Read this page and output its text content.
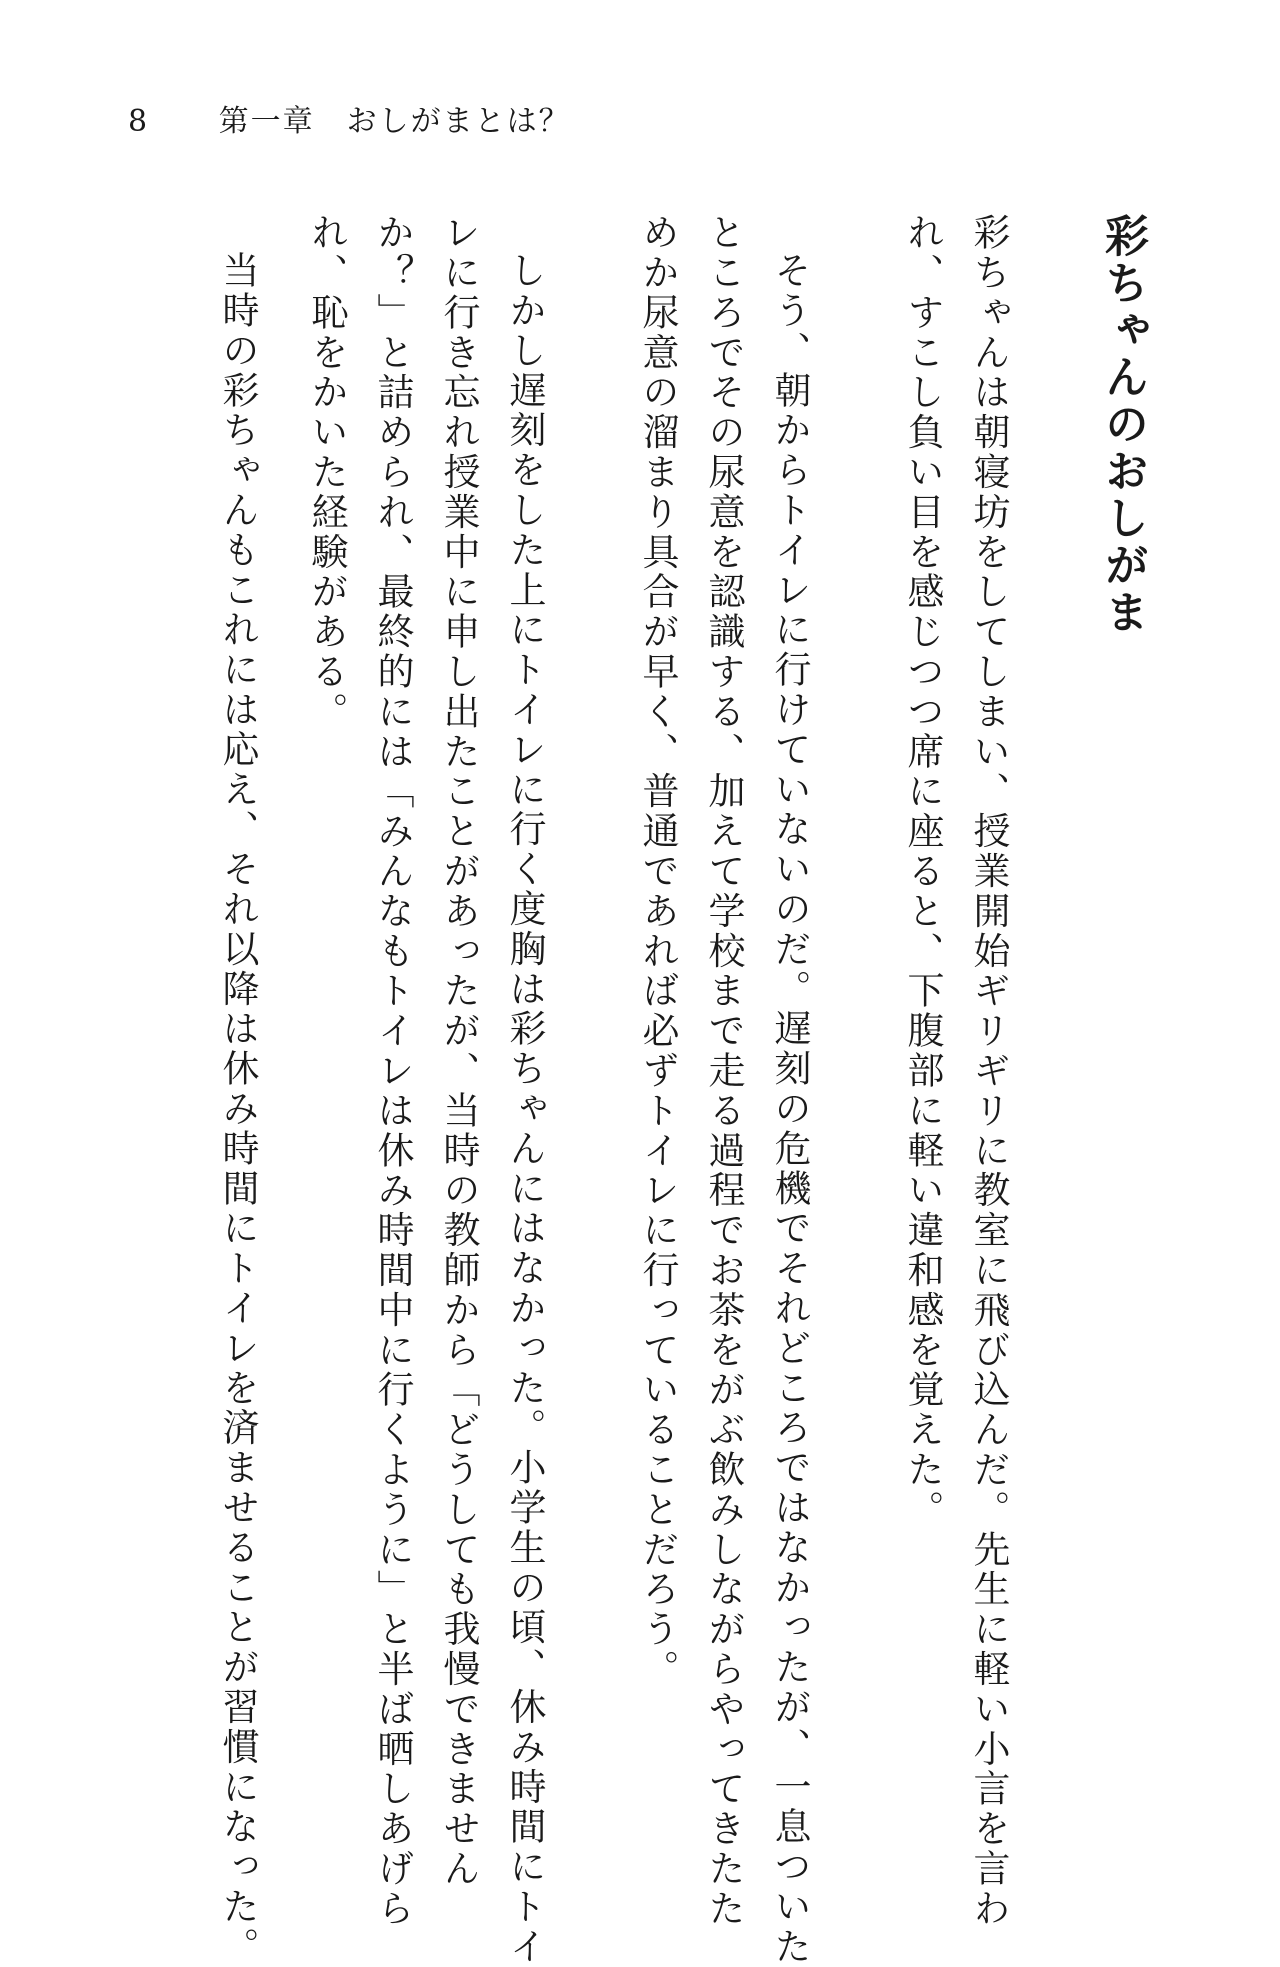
8 第一章　おしがまとは？
彩ちゃんのおしがま

彩ちゃんは朝寝坊をしてしまい、授業開始ギリギリに教室に飛び込んだ。先生に軽い小言を言わ

れ、すこし負い目を感じつつ席に座ると、下腹部に軽い違和感を覚えた。

そう、朝からトイレに行けていないのだ。遅刻の危機でそれどころではなかったが、一息ついた

ところでその尿意を認識する、加えて学校まで走る過程でお茶をがぶ飲みしながらやってきたた

めか尿意の溜まり具合が早く、普通であれば必ずトイレに行っていることだろう。

しかし遅刻をした上にトイレに行く度胸は彩ちゃんにはなかった。小学生の頃、休み時間にトイ

レに行き忘れ授業中に申し出たことがあったが、当時の教師から「どうしても我慢できません

か？」と詰められ、最終的には「みんなもトイレは休み時間中に行くように」と半ば晒しあげら

れ、恥をかいた経験がある。

当時の彩ちゃんもこれには応え、それ以降は休み時間にトイレを済ませることが習慣になった。
